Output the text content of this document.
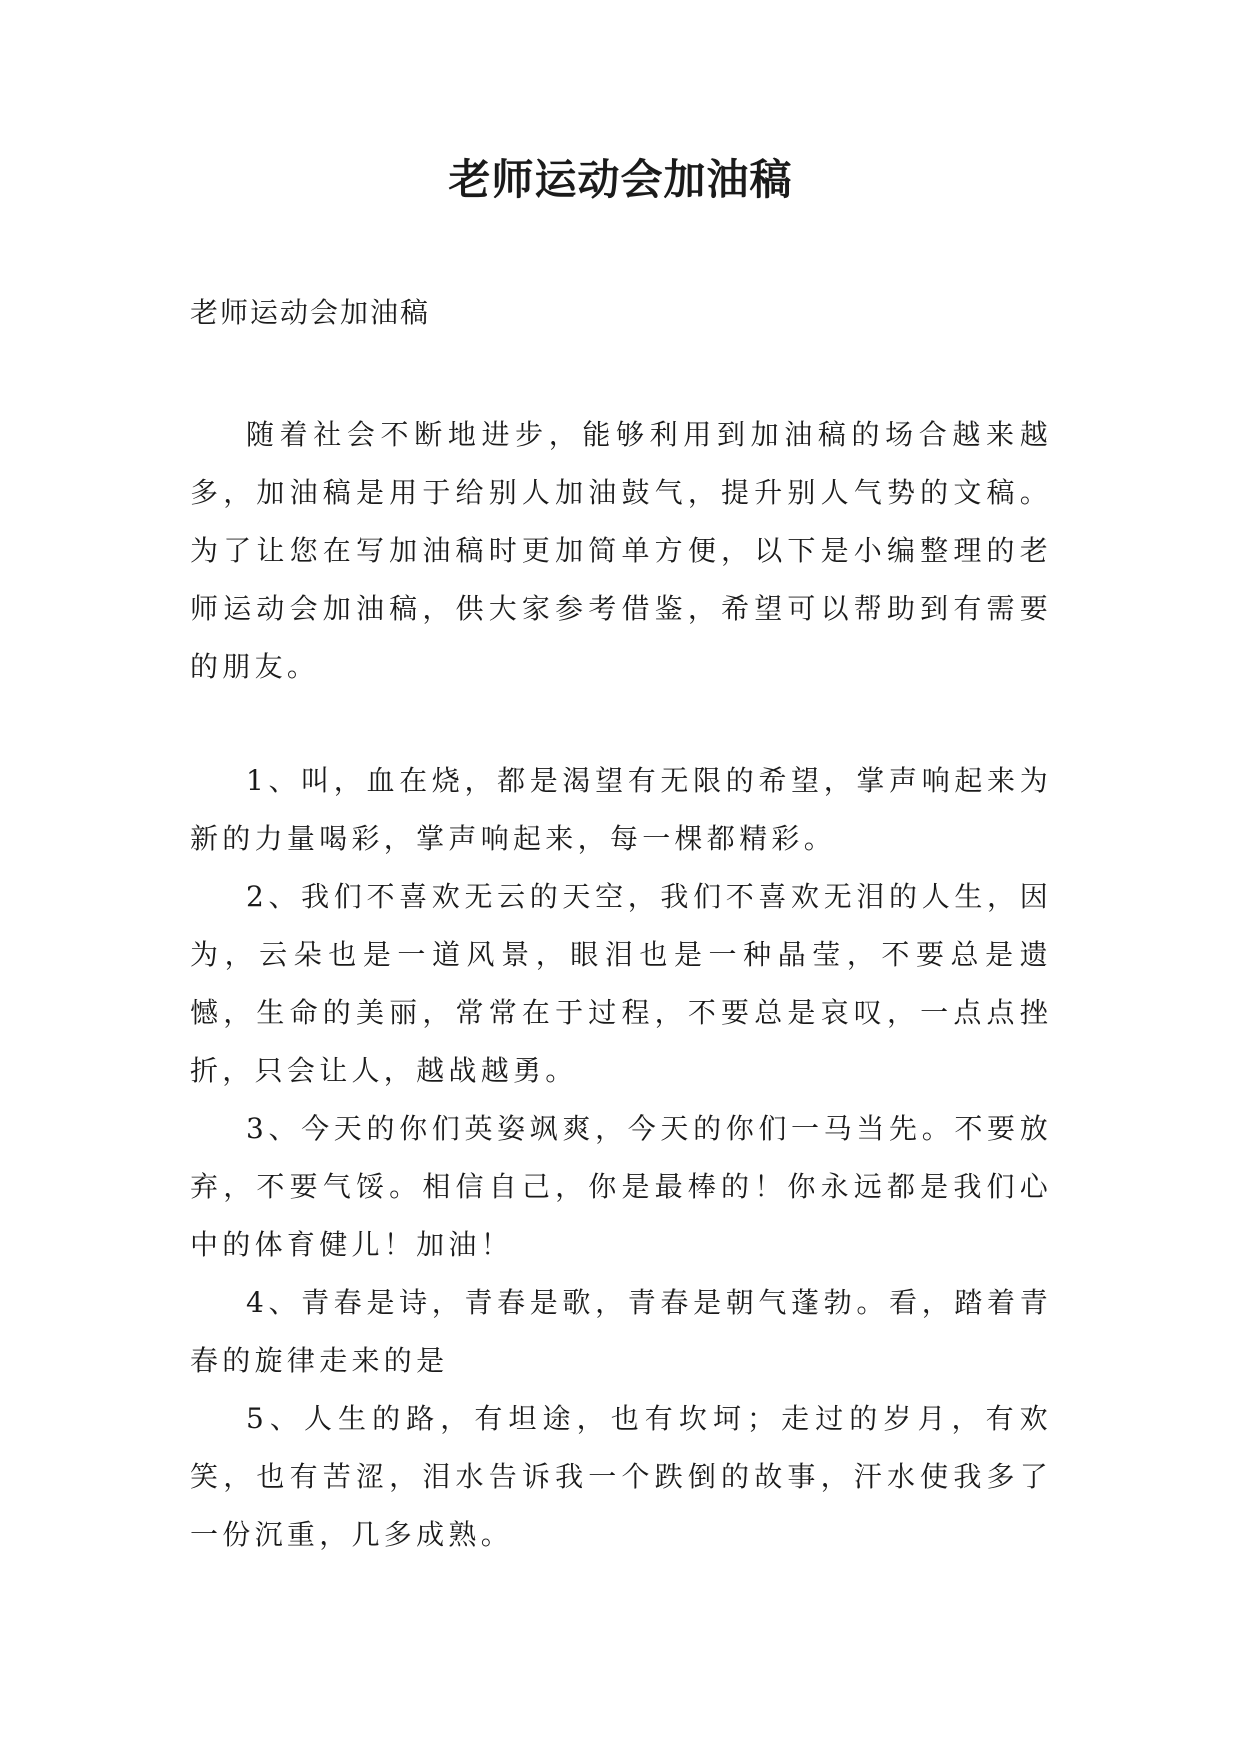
老师运动会加油稿
老师运动会加油稿

随着社会不断地进步，能够利用到加油稿的场合越来越多，加油稿是用于给别人加油鼓气，提升别人气势的文稿。为了让您在写加油稿时更加简单方便，以下是小编整理的老师运动会加油稿，供大家参考借鉴，希望可以帮助到有需要的朋友。

1、叫，血在烧，都是渴望有无限的希望，掌声响起来为新的力量喝彩，掌声响起来，每一棵都精彩。

2、我们不喜欢无云的天空，我们不喜欢无泪的人生，因为，云朵也是一道风景，眼泪也是一种晶莹，不要总是遗憾，生命的美丽，常常在于过程，不要总是哀叹，一点点挫折，只会让人，越战越勇。

3、今天的你们英姿飒爽，今天的你们一马当先。不要放弃，不要气馁。相信自己，你是最棒的！你永远都是我们心中的体育健儿！加油！

4、青春是诗，青春是歌，青春是朝气蓬勃。看，踏着青春的旋律走来的是

5、人生的路，有坦途，也有坎坷；走过的岁月，有欢笑，也有苦涩，泪水告诉我一个跌倒的故事，汗水使我多了一份沉重，几多成熟。
